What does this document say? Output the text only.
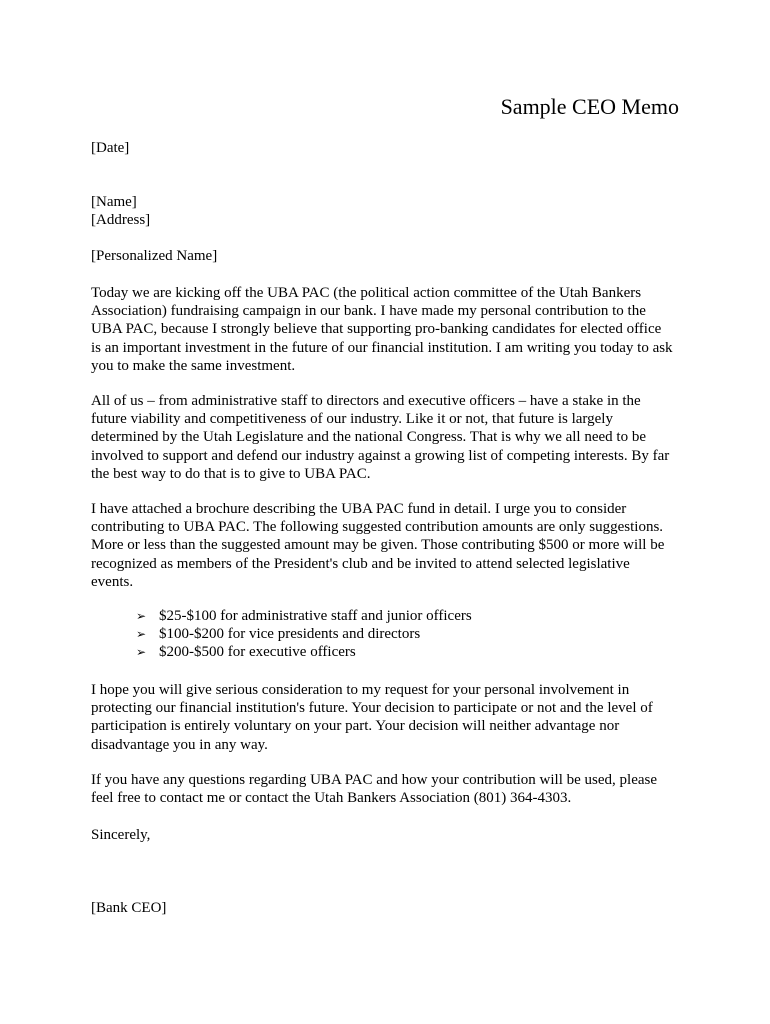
Sample CEO Memo
[Date]
[Name]
[Address]
[Personalized Name]
Today we are kicking off the UBA PAC (the political action committee of the Utah Bankers
Association) fundraising campaign in our bank. I have made my personal contribution to the
UBA PAC, because I strongly believe that supporting pro-banking candidates for elected office
is an important investment in the future of our financial institution. I am writing you today to ask
you to make the same investment.
All of us – from administrative staff to directors and executive officers – have a stake in the
future viability and competitiveness of our industry. Like it or not, that future is largely
determined by the Utah Legislature and the national Congress. That is why we all need to be
involved to support and defend our industry against a growing list of competing interests. By far
the best way to do that is to give to UBA PAC.
I have attached a brochure describing the UBA PAC fund in detail. I urge you to consider
contributing to UBA PAC. The following suggested contribution amounts are only suggestions.
More or less than the suggested amount may be given. Those contributing $500 or more will be
recognized as members of the President's club and be invited to attend selected legislative
events.
➢ $25-$100 for administrative staff and junior officers
➢ $100-$200 for vice presidents and directors
➢ $200-$500 for executive officers
I hope you will give serious consideration to my request for your personal involvement in
protecting our financial institution's future. Your decision to participate or not and the level of
participation is entirely voluntary on your part. Your decision will neither advantage nor
disadvantage you in any way.
If you have any questions regarding UBA PAC and how your contribution will be used, please
feel free to contact me or contact the Utah Bankers Association (801) 364-4303.
Sincerely,
[Bank CEO]
